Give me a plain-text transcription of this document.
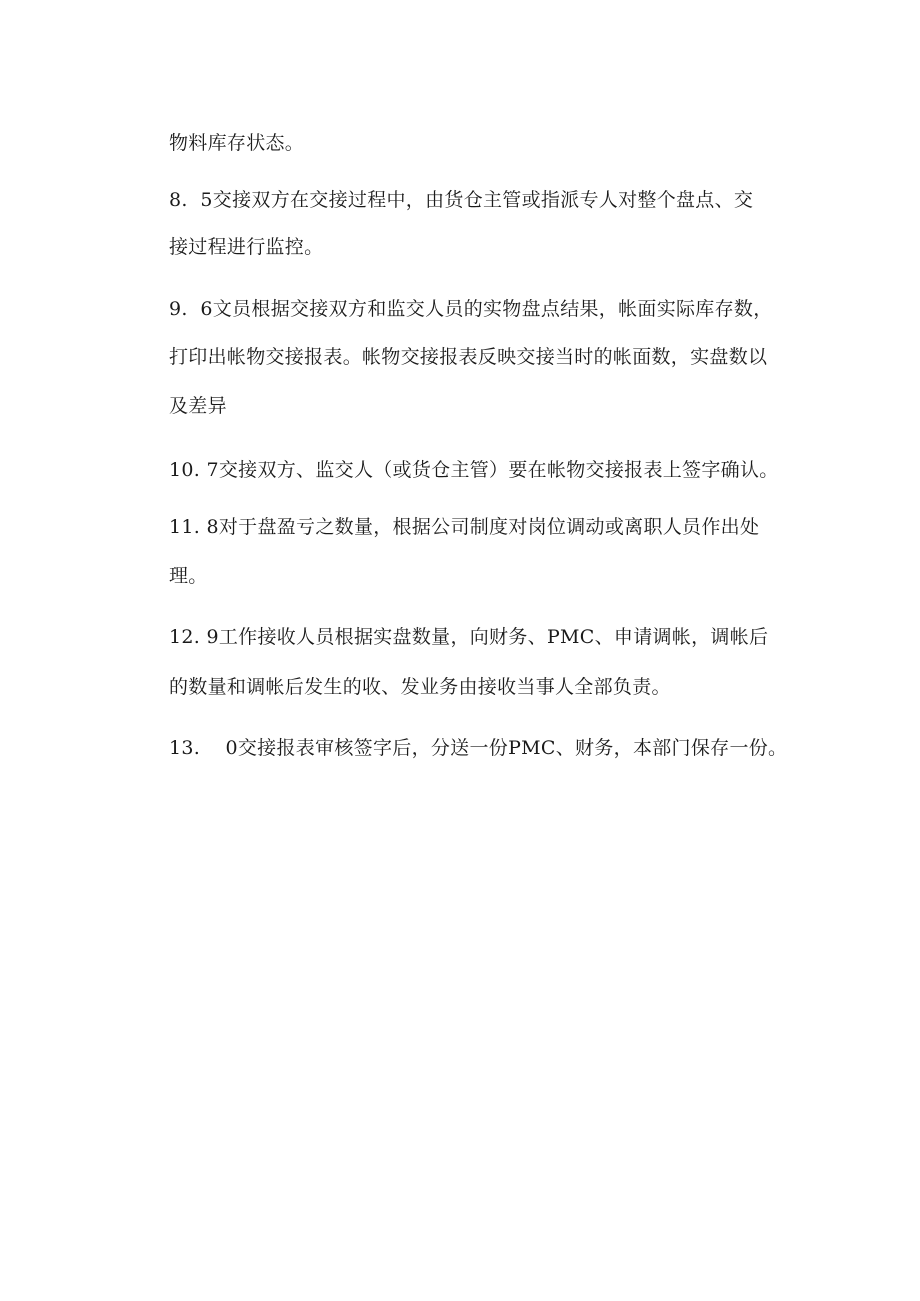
物料库存状态。
8.  5交接双方在交接过程中，由货仓主管或指派专人对整个盘点、交
接过程进行监控。
9.  6文员根据交接双方和监交人员的实物盘点结果，帐面实际库存数，
打印出帐物交接报表。帐物交接报表反映交接当时的帐面数，实盘数以
及差异
10. 7交接双方、监交人（或货仓主管）要在帐物交接报表上签字确认。
11. 8对于盘盈亏之数量，根据公司制度对岗位调动或离职人员作出处
理。
12. 9工作接收人员根据实盘数量，向财务、PMC、申请调帐，调帐后
的数量和调帐后发生的收、发业务由接收当事人全部负责。
13.    0交接报表审核签字后，分送一份PMC、财务，本部门保存一份。
